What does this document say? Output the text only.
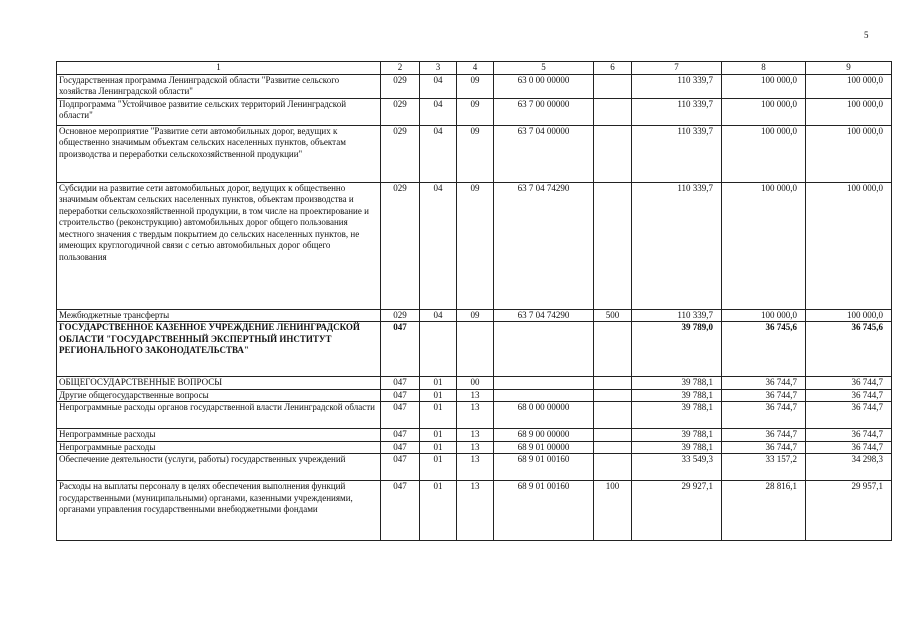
5
1	2	3	4	5	6	7	8	9
Государственная программа Ленинградской области "Развитие сельского хозяйства Ленинградской области"	029	04	09	63 0 00 00000		110 339,7	100 000,0	100 000,0
Подпрограмма "Устойчивое развитие сельских территорий Ленинградской области"	029	04	09	63 7 00 00000		110 339,7	100 000,0	100 000,0
Основное мероприятие "Развитие сети автомобильных дорог, ведущих к общественно значимым объектам сельских населенных пунктов, объектам производства и переработки сельскохозяйственной продукции"	029	04	09	63 7 04 00000		110 339,7	100 000,0	100 000,0
Субсидии на развитие сети автомобильных дорог, ведущих к общественно значимым объектам сельских населенных пунктов, объектам производства и переработки сельскохозяйственной продукции, в том числе на проектирование и строительство (реконструкцию) автомобильных дорог общего пользования местного значения с твердым покрытием до сельских населенных пунктов, не имеющих круглогодичной связи с сетью автомобильных дорог общего пользования	029	04	09	63 7 04 74290		110 339,7	100 000,0	100 000,0
Межбюджетные трансферты	029	04	09	63 7 04 74290	500	110 339,7	100 000,0	100 000,0
ГОСУДАРСТВЕННОЕ КАЗЕННОЕ УЧРЕЖДЕНИЕ ЛЕНИНГРАДСКОЙ ОБЛАСТИ "ГОСУДАРСТВЕННЫЙ ЭКСПЕРТНЫЙ ИНСТИТУТ РЕГИОНАЛЬНОГО ЗАКОНОДАТЕЛЬСТВА"	047					39 789,0	36 745,6	36 745,6
ОБЩЕГОСУДАРСТВЕННЫЕ ВОПРОСЫ	047	01	00			39 788,1	36 744,7	36 744,7
Другие общегосударственные вопросы	047	01	13			39 788,1	36 744,7	36 744,7
Непрограммные расходы органов государственной власти Ленинградской области	047	01	13	68 0 00 00000		39 788,1	36 744,7	36 744,7
Непрограммные расходы	047	01	13	68 9 00 00000		39 788,1	36 744,7	36 744,7
Непрограммные расходы	047	01	13	68 9 01 00000		39 788,1	36 744,7	36 744,7
Обеспечение деятельности (услуги, работы) государственных учреждений	047	01	13	68 9 01 00160		33 549,3	33 157,2	34 298,3
Расходы на выплаты персоналу в целях обеспечения выполнения функций государственными (муниципальными) органами, казенными учреждениями, органами управления государственными внебюджетными фондами	047	01	13	68 9 01 00160	100	29 927,1	28 816,1	29 957,1
